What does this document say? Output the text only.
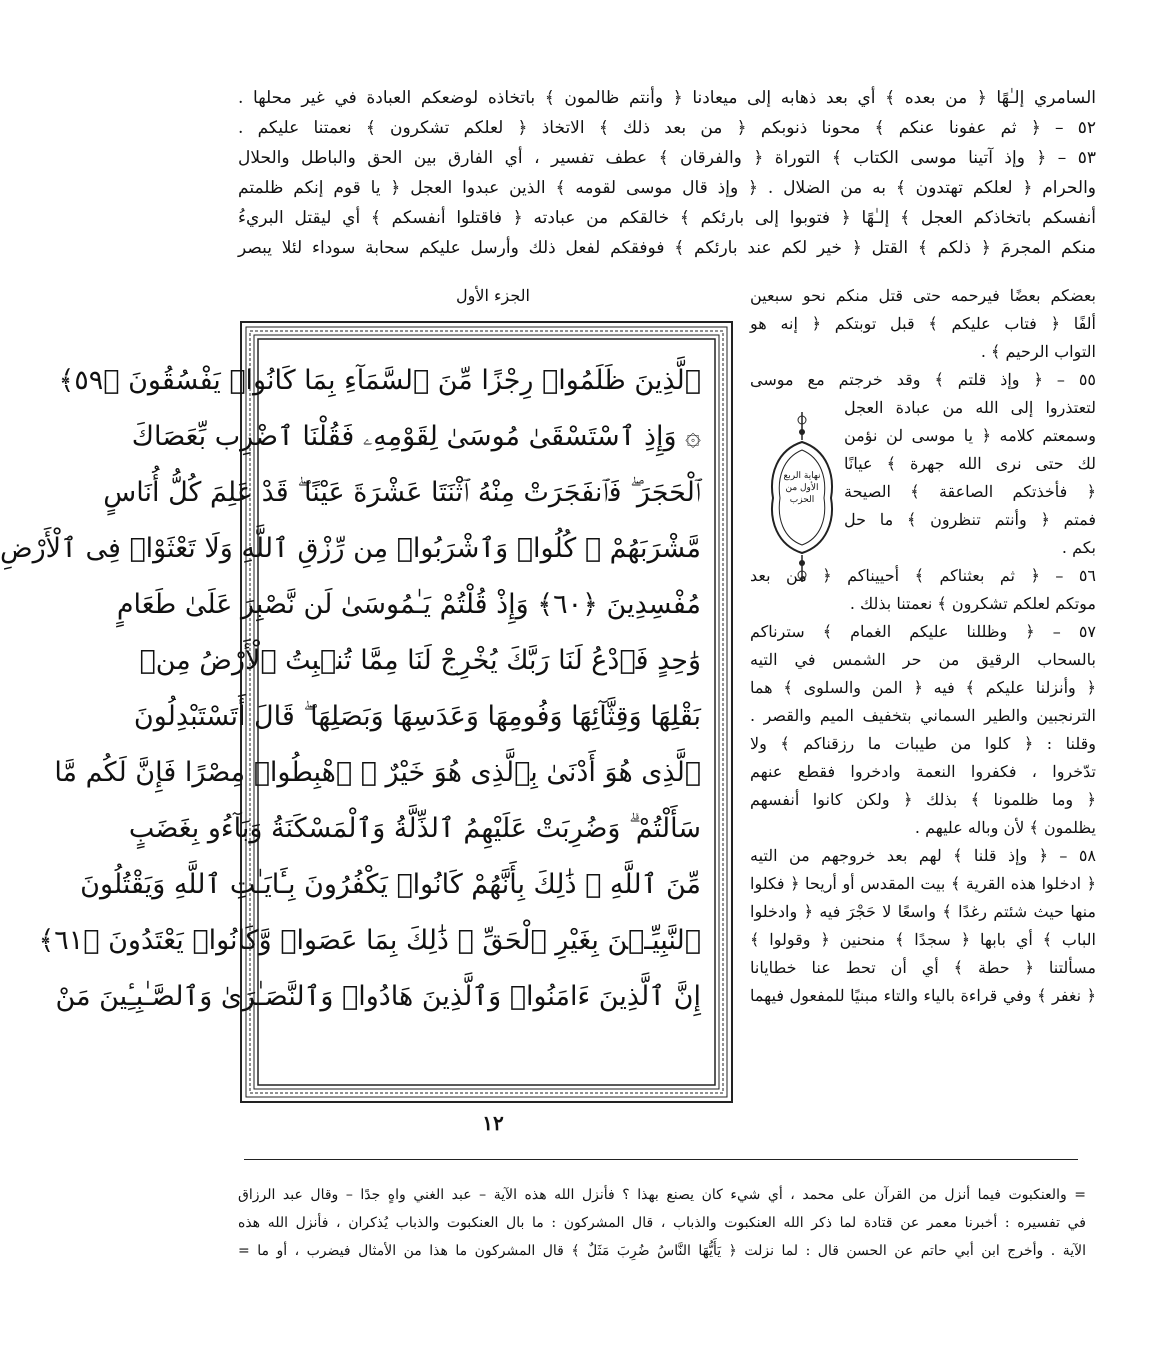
السامري إلـٰهًا ﴿ من بعده ﴾ أي بعد ذهابه إلى ميعادنا ﴿ وأنتم ظالمون ﴾ باتخاذه لوضعكم العبادة في غير محلها .
٥٢ – ﴿ ثم عفونا عنكم ﴾ محونا ذنوبكم ﴿ من بعد ذلك ﴾ الاتخاذ ﴿ لعلكم تشكرون ﴾ نعمتنا عليكم .
٥٣ – ﴿ وإذ آتينا موسى الكتاب ﴾ التوراة ﴿ والفرقان ﴾ عطف تفسير ، أي الفارق بين الحق والباطل والحلال
والحرام ﴿ لعلكم تهتدون ﴾ به من الضلال . ﴿ وإذ قال موسى لقومه ﴾ الذين عبدوا العجل ﴿ يا قوم إنكم ظلمتم
أنفسكم باتخاذكم العجل ﴾ إلـٰهًا ﴿ فتوبوا إلى بارئكم ﴾ خالقكم من عبادته ﴿ فاقتلوا أنفسكم ﴾ أي ليقتل البريءُ
منكم المجرمَ ﴿ ذلكم ﴾ القتل ﴿ خير لكم عند بارئكم ﴾ فوفقكم لفعل ذلك وأرسل عليكم سحابة سوداء لئلا يبصر
الجزء الأول
ٱلَّذِينَ ظَلَمُوا۟ رِجْزًا مِّنَ ٱلسَّمَآءِ بِمَا كَانُوا۟ يَفْسُقُونَ ﴿٥٩﴾
۞ وَإِذِ ٱسْتَسْقَىٰ مُوسَىٰ لِقَوْمِهِۦ فَقُلْنَا ٱضْرِب بِّعَصَاكَ
ٱلْحَجَرَ ۖ فَٱنفَجَرَتْ مِنْهُ ٱثْنَتَا عَشْرَةَ عَيْنًا ۖ قَدْ عَلِمَ كُلُّ أُنَاسٍ
مَّشْرَبَهُمْ ۖ كُلُوا۟ وَٱشْرَبُوا۟ مِن رِّزْقِ ٱللَّهِ وَلَا تَعْثَوْا۟ فِى ٱلْأَرْضِ
مُفْسِدِينَ ﴿٦٠﴾ وَإِذْ قُلْتُمْ يَـٰمُوسَىٰ لَن نَّصْبِرَ عَلَىٰ طَعَامٍ
وَٰحِدٍ فَٱدْعُ لَنَا رَبَّكَ يُخْرِجْ لَنَا مِمَّا تُنۢبِتُ ٱلْأَرْضُ مِنۢ
بَقْلِهَا وَقِثَّآئِهَا وَفُومِهَا وَعَدَسِهَا وَبَصَلِهَا ۖ قَالَ أَتَسْتَبْدِلُونَ
ٱلَّذِى هُوَ أَدْنَىٰ بِٱلَّذِى هُوَ خَيْرٌ ۚ ٱهْبِطُوا۟ مِصْرًا فَإِنَّ لَكُم مَّا
سَأَلْتُمْ ۗ وَضُرِبَتْ عَلَيْهِمُ ٱلذِّلَّةُ وَٱلْمَسْكَنَةُ وَبَآءُو بِغَضَبٍ
مِّنَ ٱللَّهِ ۗ ذَٰلِكَ بِأَنَّهُمْ كَانُوا۟ يَكْفُرُونَ بِـَٔايَـٰتِ ٱللَّهِ وَيَقْتُلُونَ
ٱلنَّبِيِّـۧنَ بِغَيْرِ ٱلْحَقِّ ۗ ذَٰلِكَ بِمَا عَصَوا۟ وَّكَانُوا۟ يَعْتَدُونَ ﴿٦١﴾
إِنَّ ٱلَّذِينَ ءَامَنُوا۟ وَٱلَّذِينَ هَادُوا۟ وَٱلنَّصَـٰرَىٰ وَٱلصَّـٰبِـِٔينَ مَنْ
بعضكم بعضًا فيرحمه حتى قتل منكم نحو سبعين
ألفًا ﴿ فتاب عليكم ﴾ قبل توبتكم ﴿ إنه هو
التواب الرحيم ﴾ .
٥٥ – ﴿ وإذ قلتم ﴾ وقد خرجتم مع موسى
لتعتذروا إلى الله من عبادة العجل
وسمعتم كلامه ﴿ يا موسى لن نؤمن
لك حتى نرى الله جهرة ﴾ عيانًا
﴿ فأخذتكم الصاعقة ﴾ الصيحة
فمتم ﴿ وأنتم تنظرون ﴾ ما حل
بكم .
٥٦ – ﴿ ثم بعثناكم ﴾ أحييناكم ﴿ من بعد
موتكم لعلكم تشكرون ﴾ نعمتنا بذلك .
٥٧ – ﴿ وظللنا عليكم الغمام ﴾ سترناكم
بالسحاب الرقيق من حر الشمس في التيه
﴿ وأنزلنا عليكم ﴾ فيه ﴿ المن والسلوى ﴾ هما
الترنجبين والطير السماني بتخفيف الميم والقصر .
وقلنا : ﴿ كلوا من طيبات ما رزقناكم ﴾ ولا
تدّخروا ، فكفروا النعمة وادخروا فقطع عنهم
﴿ وما ظلمونا ﴾ بذلك ﴿ ولكن كانوا أنفسهم
يظلمون ﴾ لأن وباله عليهم .
٥٨ – ﴿ وإذ قلنا ﴾ لهم بعد خروجهم من التيه
﴿ ادخلوا هذه القرية ﴾ بيت المقدس أو أريحا ﴿ فكلوا
منها حيث شئتم رغدًا ﴾ واسعًا لا حَجْرَ فيه ﴿ وادخلوا
الباب ﴾ أي بابها ﴿ سجدًا ﴾ منحنين ﴿ وقولوا ﴾
مسألتنا ﴿ حطة ﴾ أي أن تحط عنا خطايانا
﴿ نغفر ﴾ وفي قراءة بالياء والتاء مبنيًا للمفعول فيهما
نهاية الربع الأول من الحزب
١٢
= والعنكبوت فيما أنزل من القرآن على محمد ، أي شيء كان يصنع بهذا ؟ فأنزل الله هذه الآية – عبد الغني واهٍ جدًا – وقال عبد الرزاق
في تفسيره : أخبرنا معمر عن قتادة لما ذكر الله العنكبوت والذباب ، قال المشركون : ما بال العنكبوت والذباب يُذكران ، فأنزل الله هذه
الآية . وأخرج ابن أبي حاتم عن الحسن قال : لما نزلت ﴿ يَأَيُّهَا النَّاسُ ضُرِبَ مَثَلٌ ﴾ قال المشركون ما هذا من الأمثال فيضرب ، أو ما =
